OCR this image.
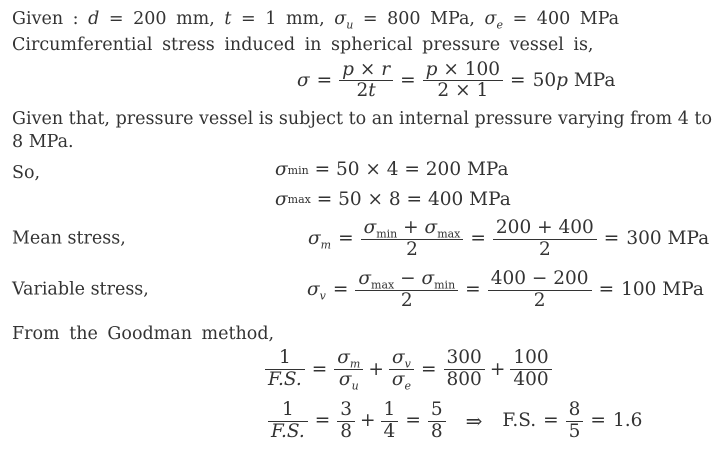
Given : d = 200 mm, t = 1 mm, $\sigma_u = 800$ MPa, $\sigma_e = 400$ MPa

Circumferential stress induced in spherical pressure vessel is,

$\sigma = \frac{p \times r}{2t} = \frac{p \times 100}{2 \times 1} = 50p$ MPa

Given that, pressure vessel is subject to an internal pressure varying from 4 to

8 MPa.

So,	σ min = 50 × 4 = 200 MPa
σ max = 50 × 8 = 400 MPa
Mean stress,	$\sigma_m = \frac{\sigma_{min} + \sigma_{max}}{2} = \frac{200 + 400}{2} = 300$ MPa
Variable stress,	$\sigma_v = \frac{\sigma_{max} - \sigma_{min}}{2} = \frac{400 - 200}{2} = 100$ MPa

From the Goodman method,

$\frac{1}{F.S.} = \frac{\sigma_m}{\sigma_u} + \frac{\sigma_v}{\sigma_e} = \frac{300}{800} + \frac{100}{400}$
$\frac{1}{F.S.} = \frac{3}{8} + \frac{1}{4} = \frac{5}{8}$	⇒	F.S. = $\frac{8}{5} = 1.6$
